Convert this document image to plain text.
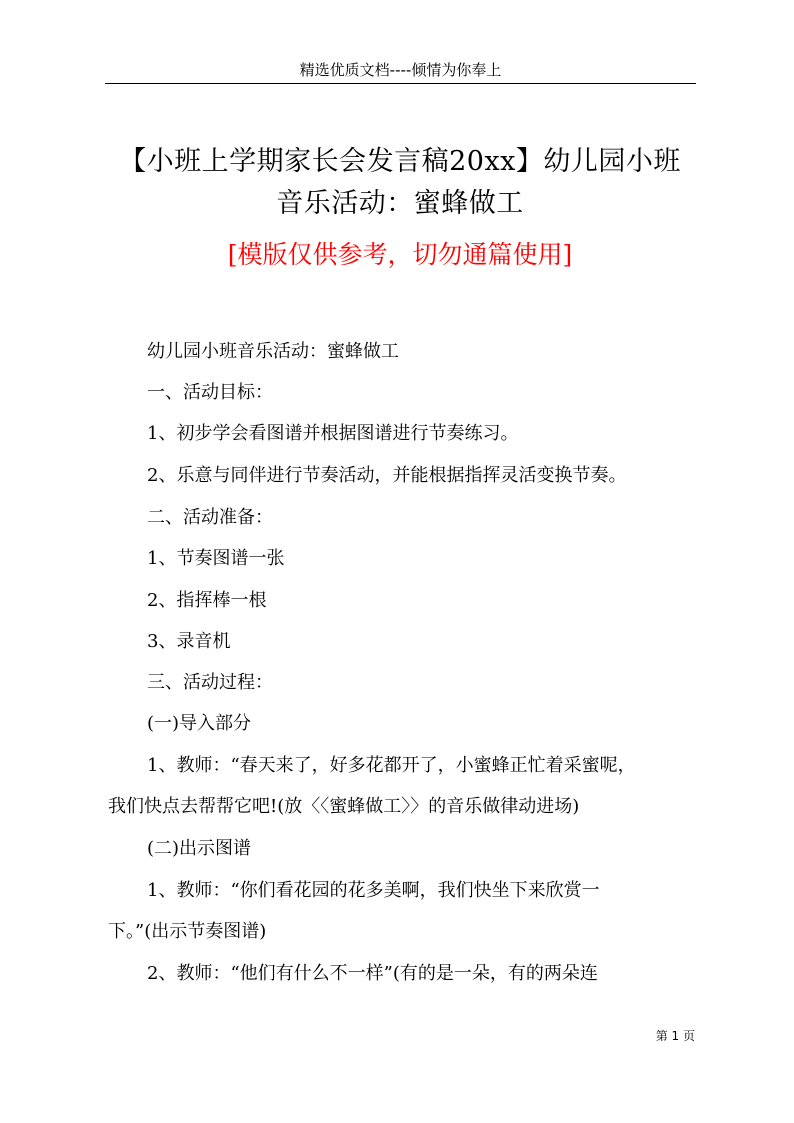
精选优质文档----倾情为你奉上
【小班上学期家长会发言稿20xx】幼儿园小班
音乐活动：蜜蜂做工
[模版仅供参考，切勿通篇使用]
幼儿园小班音乐活动：蜜蜂做工
一、活动目标：
1、初步学会看图谱并根据图谱进行节奏练习。
2、乐意与同伴进行节奏活动，并能根据指挥灵活变换节奏。
二、活动准备：
1、节奏图谱一张
2、指挥棒一根
3、录音机
三、活动过程：
(一)导入部分
1、教师：“春天来了，好多花都开了，小蜜蜂正忙着采蜜呢，
我们快点去帮帮它吧!(放〈〈蜜蜂做工〉〉的音乐做律动进场)
(二)出示图谱
1、教师：“你们看花园的花多美啊，我们快坐下来欣赏一
下。”(出示节奏图谱)
2、教师：“他们有什么不一样”(有的是一朵，有的两朵连
第 1 页
